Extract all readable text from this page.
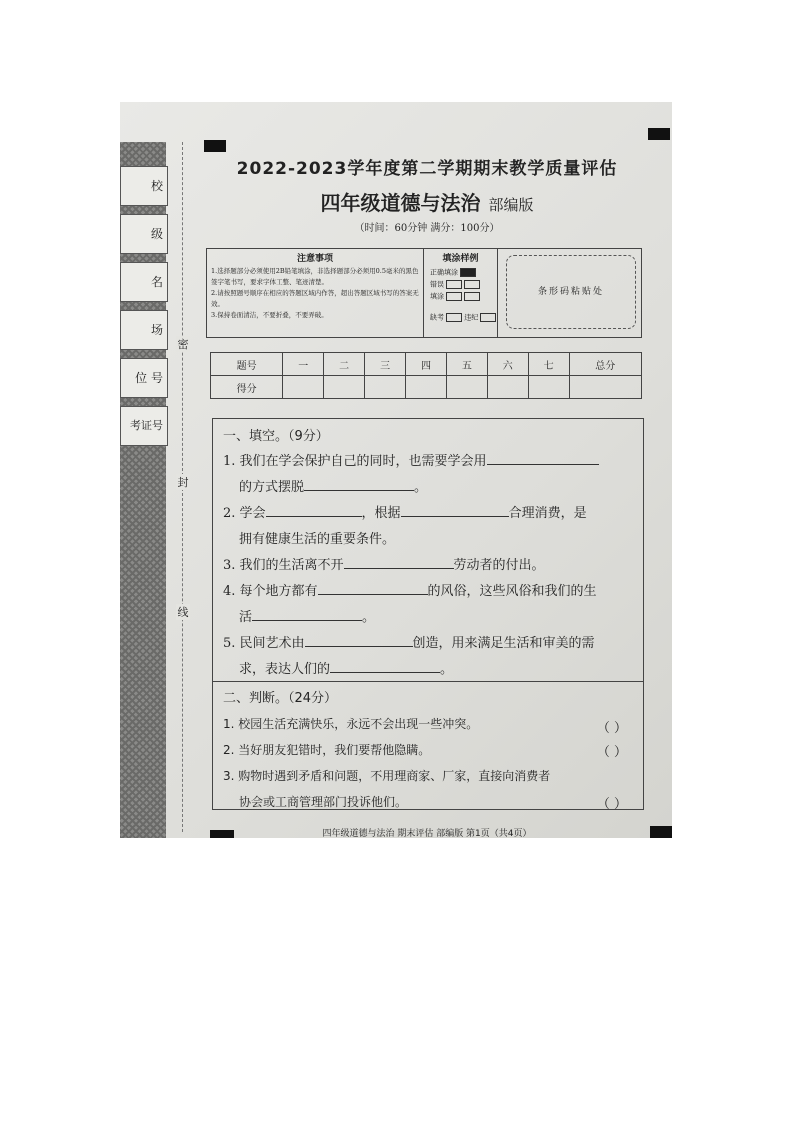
校
级
名
场
位 号
考证号
密
封
线
2022-2023学年度第二学期期末教学质量评估
四年级道德与法治 部编版
（时间：60分钟 满分：100分）
注意事项

1.选择题部分必须使用2B铅笔填涂，非选择题部分必须用0.5毫米的黑色签字笔书写，要求字体工整、笔迹清楚。

2.请按照题号顺序在相应的答题区域内作答，超出答题区域书写的答案无效。

3.保持卷面清洁，不要折叠，不要弄破。

填涂样例
正确填涂
错误
填涂
缺考	违纪
条形码粘贴处
题号	一	二	三	四	五	六	七	总分
得分								
一、填空。（9分）
1. 我们在学会保护自己的同时，也需要学会用
的方式摆脱	。
2. 学会	，根据	合理消费，是
拥有健康生活的重要条件。
3. 我们的生活离不开	劳动者的付出。
4. 每个地方都有	的风俗，这些风俗和我们的生
活	。
5. 民间艺术由	创造，用来满足生活和审美的需
求，表达人们的	。
二、判断。（24分）
1. 校园生活充满快乐，永远不会出现一些冲突。	（ ）
2. 当好朋友犯错时，我们要帮他隐瞒。	（ ）
3. 购物时遇到矛盾和问题，不用理商家、厂家，直接向消费者
协会或工商管理部门投诉他们。	（ ）
四年级道德与法治 期末评估 部编版 第1页（共4页）
